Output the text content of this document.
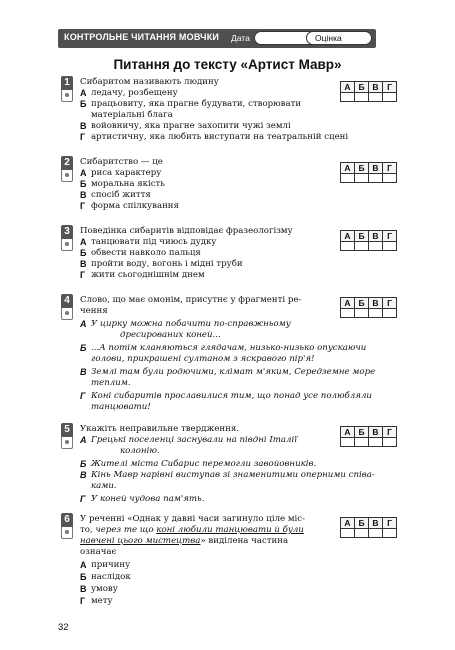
КОНТРОЛЬНЕ ЧИТАННЯ МОВЧКИ Дата	Оцінка
Питання до тексту «Артист Мавр»
1	Сибаритом називають людину
А ледачу, розбещену
Б працьовиту, яка прагне будувати, створювати
матеріальні блага
В войовничу, яка прагне захопити чужі землі
Г артистичну, яка любить виступати на театральній сцені
2	Сибаритство — це
А риса характеру
Б моральна якість
В спосіб життя
Г форма спілкування
3	Поведінка сибаритів відповідає фразеологізму
А танцювати під чиюсь дудку
Б обвести навколо пальця
В пройти воду, вогонь і мідні труби
Г жити сьогоднішнім днем
4	Слово, що має омонім, присутнє у фрагменті ре-
чення
А У цирку можна побачити по-справжньому
дресированих коней...
Б ...А потім кланяються глядачам, низько-низько опускаючи
голови, прикрашені султаном з яскравого пір'я!
В Землі там були родючими, клімат м'яким, Середземне море
теплим.
Г Коні сибаритів прославилися тим, що понад усе полюбляли
танцювати!
5	Укажіть неправильне твердження.
А Грецькі поселенці заснували на півдні Італії
колонію.
Б Жителі міста Сибарис перемогли завойовників.
В Кінь Мавр нарівні виступав зі знаменитими оперними співа-
ками.
Г У коней чудова пам'ять.
6	У реченні «Однак у давні часи загинуло ціле міс-
то, через те що коні любили танцювати й були
навчені цього мистецтва» виділена частина
означає
А причину
Б наслідок
В умову
Г мету
А	Б	В	Г

А	Б	В	Г

А	Б	В	Г

А	Б	В	Г

А	Б	В	Г

А	Б	В	Г

32
